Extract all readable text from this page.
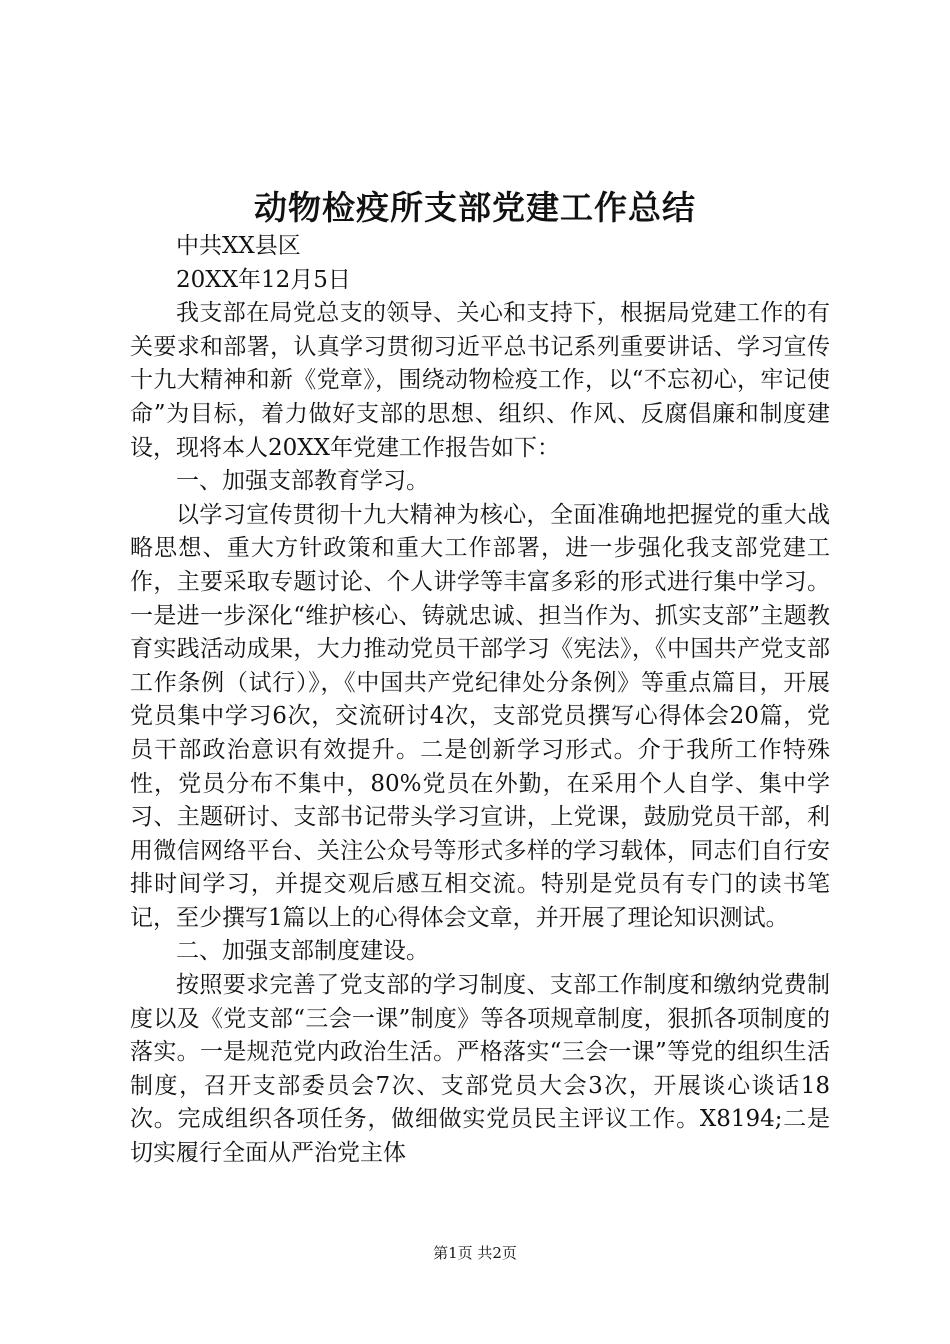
动物检疫所支部党建工作总结

中共XX县区

20XX年12月5日

我支部在局党总支的领导、关心和支持下，根据局党建工作的有关要求和部署，认真学习贯彻习近平总书记系列重要讲话、学习宣传十九大精神和新《党章》，围绕动物检疫工作，以“不忘初心，牢记使命”为目标，着力做好支部的思想、组织、作风、反腐倡廉和制度建设，现将本人20XX年党建工作报告如下：

一、加强支部教育学习。

以学习宣传贯彻十九大精神为核心，全面准确地把握党的重大战略思想、重大方针政策和重大工作部署，进一步强化我支部党建工作，主要采取专题讨论、个人讲学等丰富多彩的形式进行集中学习。一是进一步深化“维护核心、铸就忠诚、担当作为、抓实支部”主题教育实践活动成果，大力推动党员干部学习《宪法》，《中国共产党支部工作条例（试行）》，《中国共产党纪律处分条例》等重点篇目，开展党员集中学习6次，交流研讨4次，支部党员撰写心得体会20篇，党员干部政治意识有效提升。二是创新学习形式。介于我所工作特殊性，党员分布不集中，80%党员在外勤，在采用个人自学、集中学习、主题研讨、支部书记带头学习宣讲，上党课，鼓励党员干部，利用微信网络平台、关注公众号等形式多样的学习载体，同志们自行安排时间学习，并提交观后感互相交流。特别是党员有专门的读书笔记，至少撰写1篇以上的心得体会文章，并开展了理论知识测试。

二、加强支部制度建设。

按照要求完善了党支部的学习制度、支部工作制度和缴纳党费制度以及《党支部“三会一课”制度》等各项规章制度，狠抓各项制度的落实。一是规范党内政治生活。严格落实“三会一课”等党的组织生活制度，召开支部委员会7次、支部党员大会3次，开展谈心谈话18次。完成组织各项任务，做细做实党员民主评议工作。X8194;二是切实履行全面从严治党主体

第1页 共2页
